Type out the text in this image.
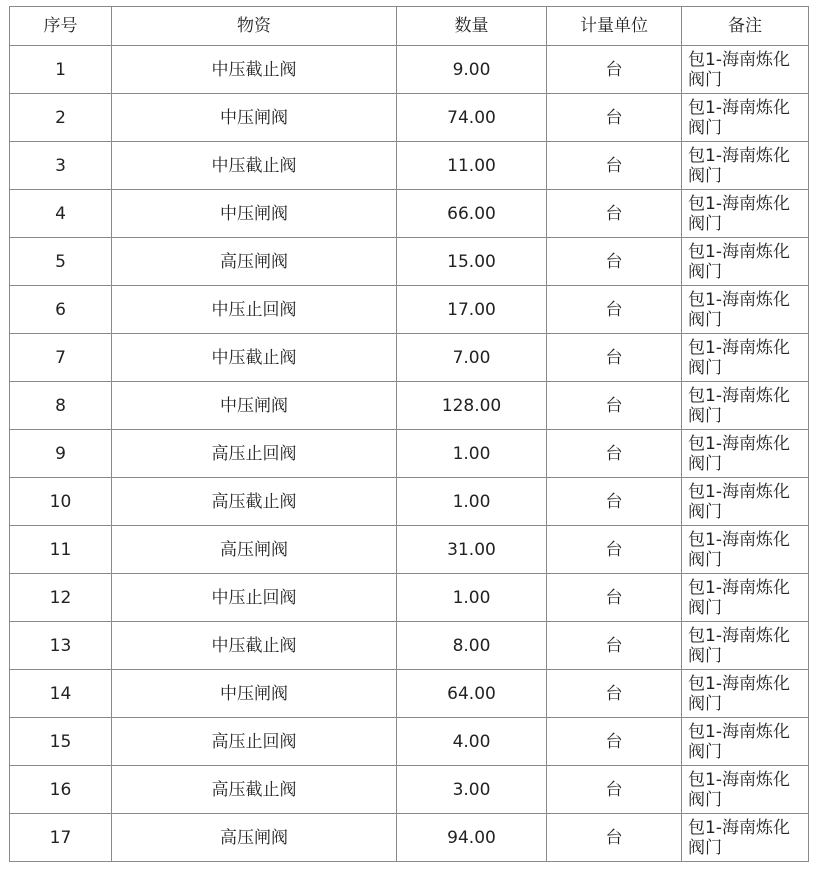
序号	物资	数量	计量单位	备注
1	中压截止阀	9.00	台	包1-海南炼化阀门
2	中压闸阀	74.00	台	包1-海南炼化阀门
3	中压截止阀	11.00	台	包1-海南炼化阀门
4	中压闸阀	66.00	台	包1-海南炼化阀门
5	高压闸阀	15.00	台	包1-海南炼化阀门
6	中压止回阀	17.00	台	包1-海南炼化阀门
7	中压截止阀	7.00	台	包1-海南炼化阀门
8	中压闸阀	128.00	台	包1-海南炼化阀门
9	高压止回阀	1.00	台	包1-海南炼化阀门
10	高压截止阀	1.00	台	包1-海南炼化阀门
11	高压闸阀	31.00	台	包1-海南炼化阀门
12	中压止回阀	1.00	台	包1-海南炼化阀门
13	中压截止阀	8.00	台	包1-海南炼化阀门
14	中压闸阀	64.00	台	包1-海南炼化阀门
15	高压止回阀	4.00	台	包1-海南炼化阀门
16	高压截止阀	3.00	台	包1-海南炼化阀门
17	高压闸阀	94.00	台	包1-海南炼化阀门
